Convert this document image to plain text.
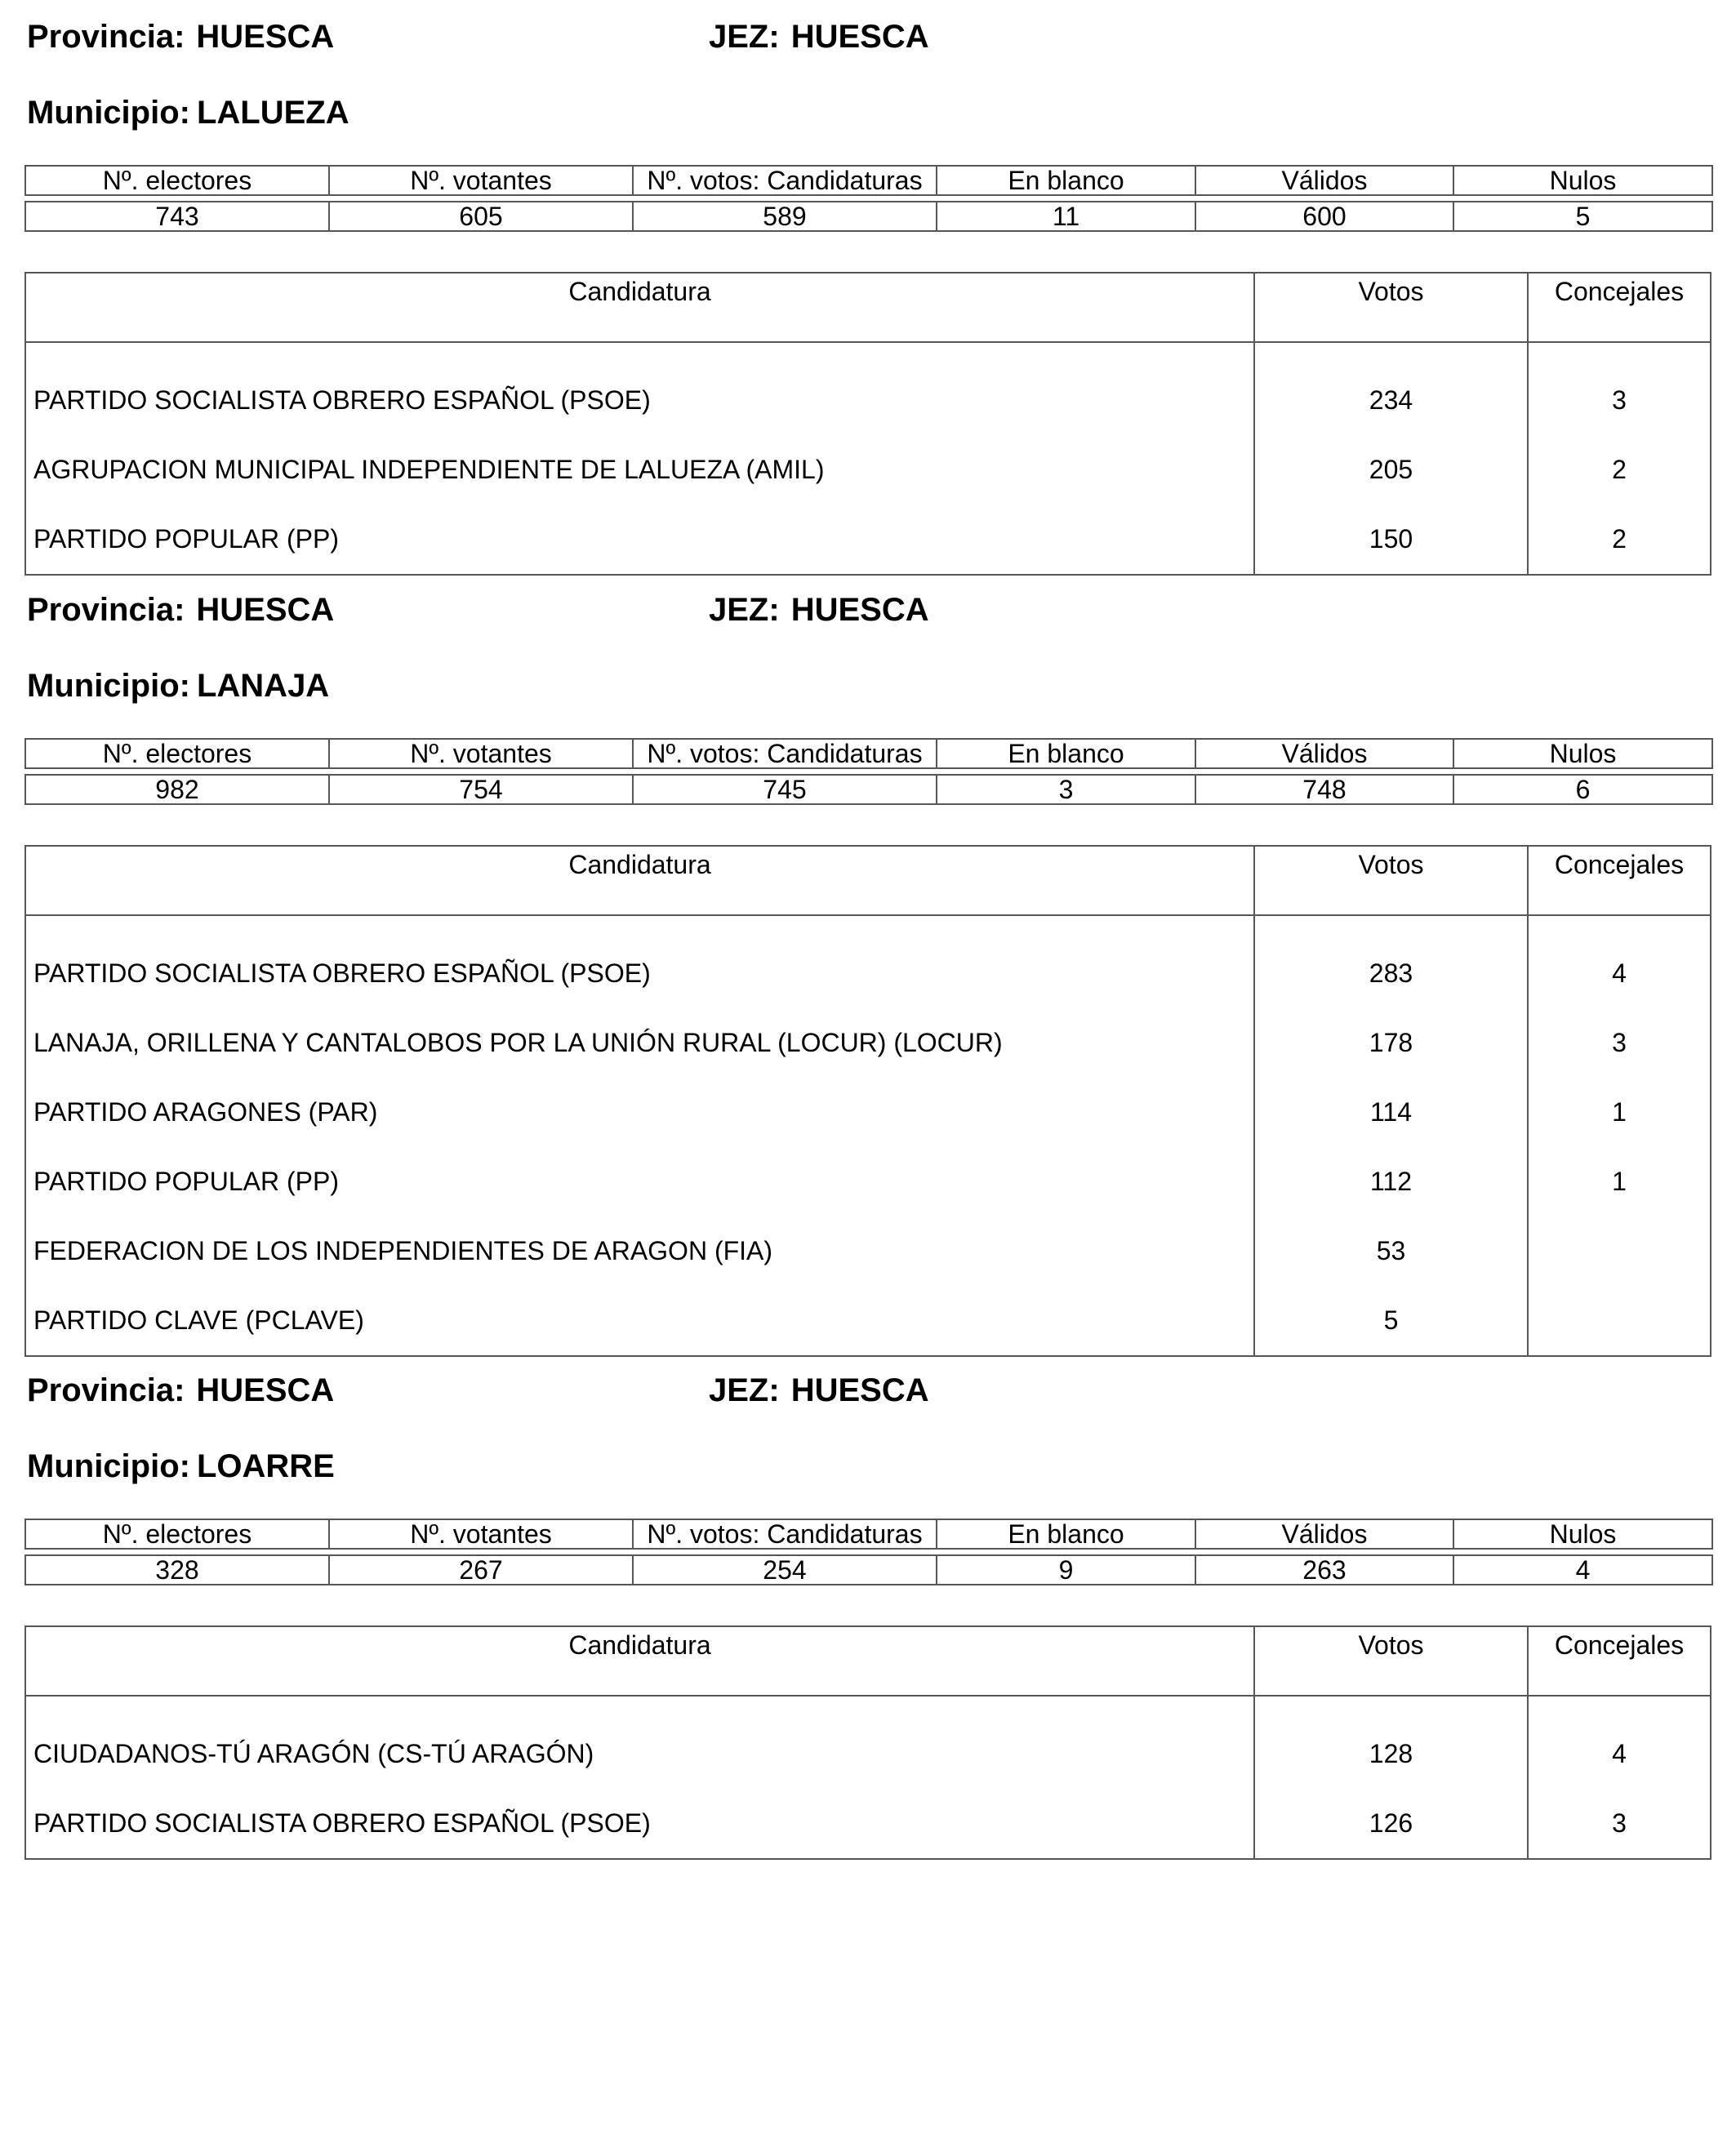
Provincia: HUESCA	JEZ: HUESCA
Municipio: LALUEZA
Nº. electores	Nº. votantes	Nº. votos: Candidaturas	En blanco	Válidos	Nulos

743	605	589	11	600	5
Candidatura	Votos	Concejales
PARTIDO SOCIALISTA OBRERO ESPAÑOL (PSOE)	234	3
AGRUPACION MUNICIPAL INDEPENDIENTE DE LALUEZA (AMIL)	205	2
PARTIDO POPULAR (PP)	150	2
Provincia: HUESCA	JEZ: HUESCA
Municipio: LANAJA
Nº. electores	Nº. votantes	Nº. votos: Candidaturas	En blanco	Válidos	Nulos

982	754	745	3	748	6
Candidatura	Votos	Concejales
PARTIDO SOCIALISTA OBRERO ESPAÑOL (PSOE)	283	4
LANAJA, ORILLENA Y CANTALOBOS POR LA UNIÓN RURAL (LOCUR) (LOCUR)	178	3
PARTIDO ARAGONES (PAR)	114	1
PARTIDO POPULAR (PP)	112	1
FEDERACION DE LOS INDEPENDIENTES DE ARAGON (FIA)	53	
PARTIDO CLAVE (PCLAVE)	5	
Provincia: HUESCA	JEZ: HUESCA
Municipio: LOARRE
Nº. electores	Nº. votantes	Nº. votos: Candidaturas	En blanco	Válidos	Nulos

328	267	254	9	263	4
Candidatura	Votos	Concejales
CIUDADANOS-TÚ ARAGÓN (CS-TÚ ARAGÓN)	128	4
PARTIDO SOCIALISTA OBRERO ESPAÑOL (PSOE)	126	3
